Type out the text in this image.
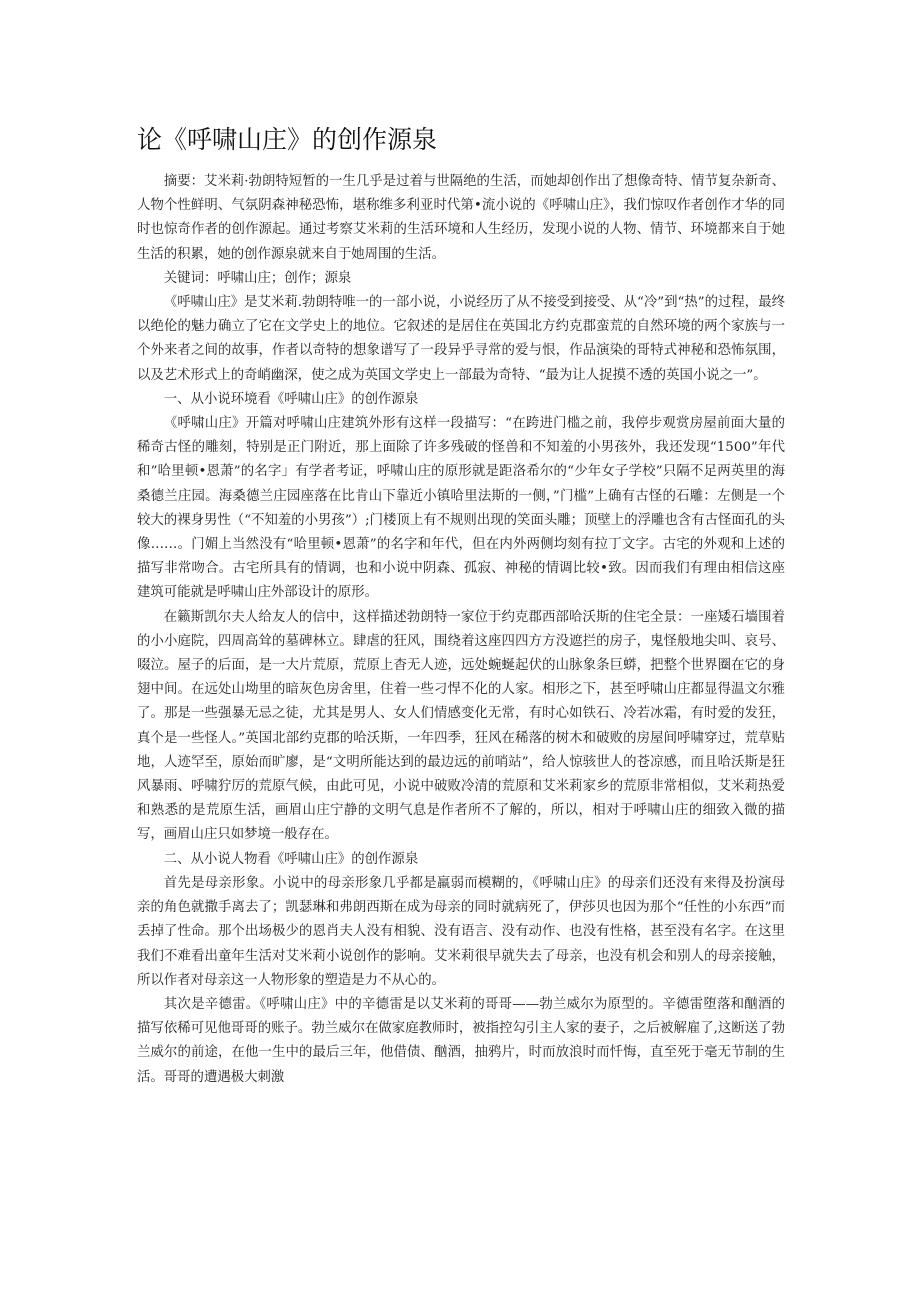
论《呼啸山庄》的创作源泉

摘要：艾米莉·勃朗特短暂的一生几乎是过着与世隔绝的生活，而她却创作出了想像奇特、情节复杂新奇、人物个性鲜明、气氛阴森神秘恐怖，堪称维多利亚时代第•流小说的《呼啸山庄》，我们惊叹作者创作才华的同时也惊奇作者的创作源起。通过考察艾米莉的生活环境和人生经历，发现小说的人物、情节、环境都来自于她生活的积累，她的创作源泉就来自于她周围的生活。

关键词：呼啸山庄；创作；源泉

《呼啸山庄》是艾米莉.勃朗特唯一的一部小说，小说经历了从不接受到接受、从“冷”到“热”的过程，最终以绝伦的魅力确立了它在文学史上的地位。它叙述的是居住在英国北方约克郡蛮荒的自然环境的两个家族与一个外来者之间的故事，作者以奇特的想象谱写了一段异乎寻常的爱与恨，作品演染的哥特式神秘和恐怖氛围，以及艺术形式上的奇峭幽深，使之成为英国文学史上一部最为奇特、“最为让人捉摸不透的英国小说之一”。

一、从小说环境看《呼啸山庄》的创作源泉

《呼啸山庄》开篇对呼啸山庄建筑外形有这样一段描写：“在跨进门槛之前，我停步观赏房屋前面大量的稀奇古怪的雕刻，特别是正门附近，那上面除了许多残破的怪兽和不知羞的小男孩外，我还发现“1500”年代和”哈里顿•恩萧”的名字」有学者考证，呼啸山庄的原形就是距洛希尔的“少年女子学校”只隔不足两英里的海桑德兰庄园。海桑德兰庄园座落在比肯山下靠近小镇哈里法斯的一侧，”门槛”上确有古怪的石雕：左侧是一个较大的裸身男性（“不知羞的小男孩”）;门楼顶上有不规则出现的笑面头雕；顶壁上的浮雕也含有古怪面孔的头像……。门媚上当然没有“哈里顿•恩萧”的名字和年代，但在内外两侧均刻有拉丁文字。古宅的外观和上述的描写非常吻合。古宅所具有的情调，也和小说中阴森、孤寂、神秘的情调比较•致。因而我们有理由相信这座建筑可能就是呼啸山庄外部设计的原形。

在籁斯凯尔夫人给友人的信中，这样描述勃朗特一家位于约克郡西部哈沃斯的住宅全景：一座矮石墙围着的小小庭院，四周高耸的墓碑林立。肆虐的狂风，围绕着这座四四方方没遮拦的房子，鬼怪般地尖叫、哀号、啜泣。屋子的后面，是一大片荒原，荒原上杳无人迹，远处蜿蜒起伏的山脉象条巨蟒，把整个世界圈在它的身翅中间。在远处山坳里的暗灰色房舍里，住着一些刁悍不化的人家。相形之下，甚至呼啸山庄都显得温文尔雅了。那是一些强暴无忌之徒，尤其是男人、女人们情感变化无常，有时心如铁石、冷若冰霜，有时爱的发狂，真个是一些怪人。”英国北部约克郡的哈沃斯，一年四季，狂风在稀落的树木和破败的房屋间呼啸穿过，荒草贴地，人迹罕至，原始而旷廖，是“文明所能达到的最边远的前哨站”，给人惊骇世人的苍凉感，而且哈沃斯是狂风暴雨、呼啸狞厉的荒原气候，由此可见，小说中破败冷清的荒原和艾米莉家乡的荒原非常相似，艾米莉热爱和熟悉的是荒原生活，画眉山庄宁静的文明气息是作者所不了解的，所以，相对于呼啸山庄的细致入微的描写，画眉山庄只如梦境一般存在。

二、从小说人物看《呼啸山庄》的创作源泉

首先是母亲形象。小说中的母亲形象几乎都是羸弱而模糊的，《呼啸山庄》的母亲们还没有来得及扮演母亲的角色就撒手离去了；凯瑟琳和弗朗西斯在成为母亲的同时就病死了，伊莎贝也因为那个“任性的小东西”而丢掉了性命。那个出场极少的恩肖夫人没有相貌、没有语言、没有动作、也没有性格，甚至没有名字。在这里我们不难看出童年生活对艾米莉小说创作的影响。艾米莉很早就失去了母亲，也没有机会和别人的母亲接触，所以作者对母亲这一人物形象的塑造是力不从心的。

其次是辛德雷。《呼啸山庄》中的辛德雷是以艾米莉的哥哥——勃兰威尔为原型的。辛德雷堕落和酗酒的描写依稀可见他哥哥的账子。勃兰威尔在做家庭教师时，被指控勾引主人家的妻子，之后被解雇了,这断送了勃兰威尔的前途，在他一生中的最后三年，他借债、酗酒，抽鸦片，时而放浪时而忏悔，直至死于毫无节制的生活。哥哥的遭遇极大刺激
